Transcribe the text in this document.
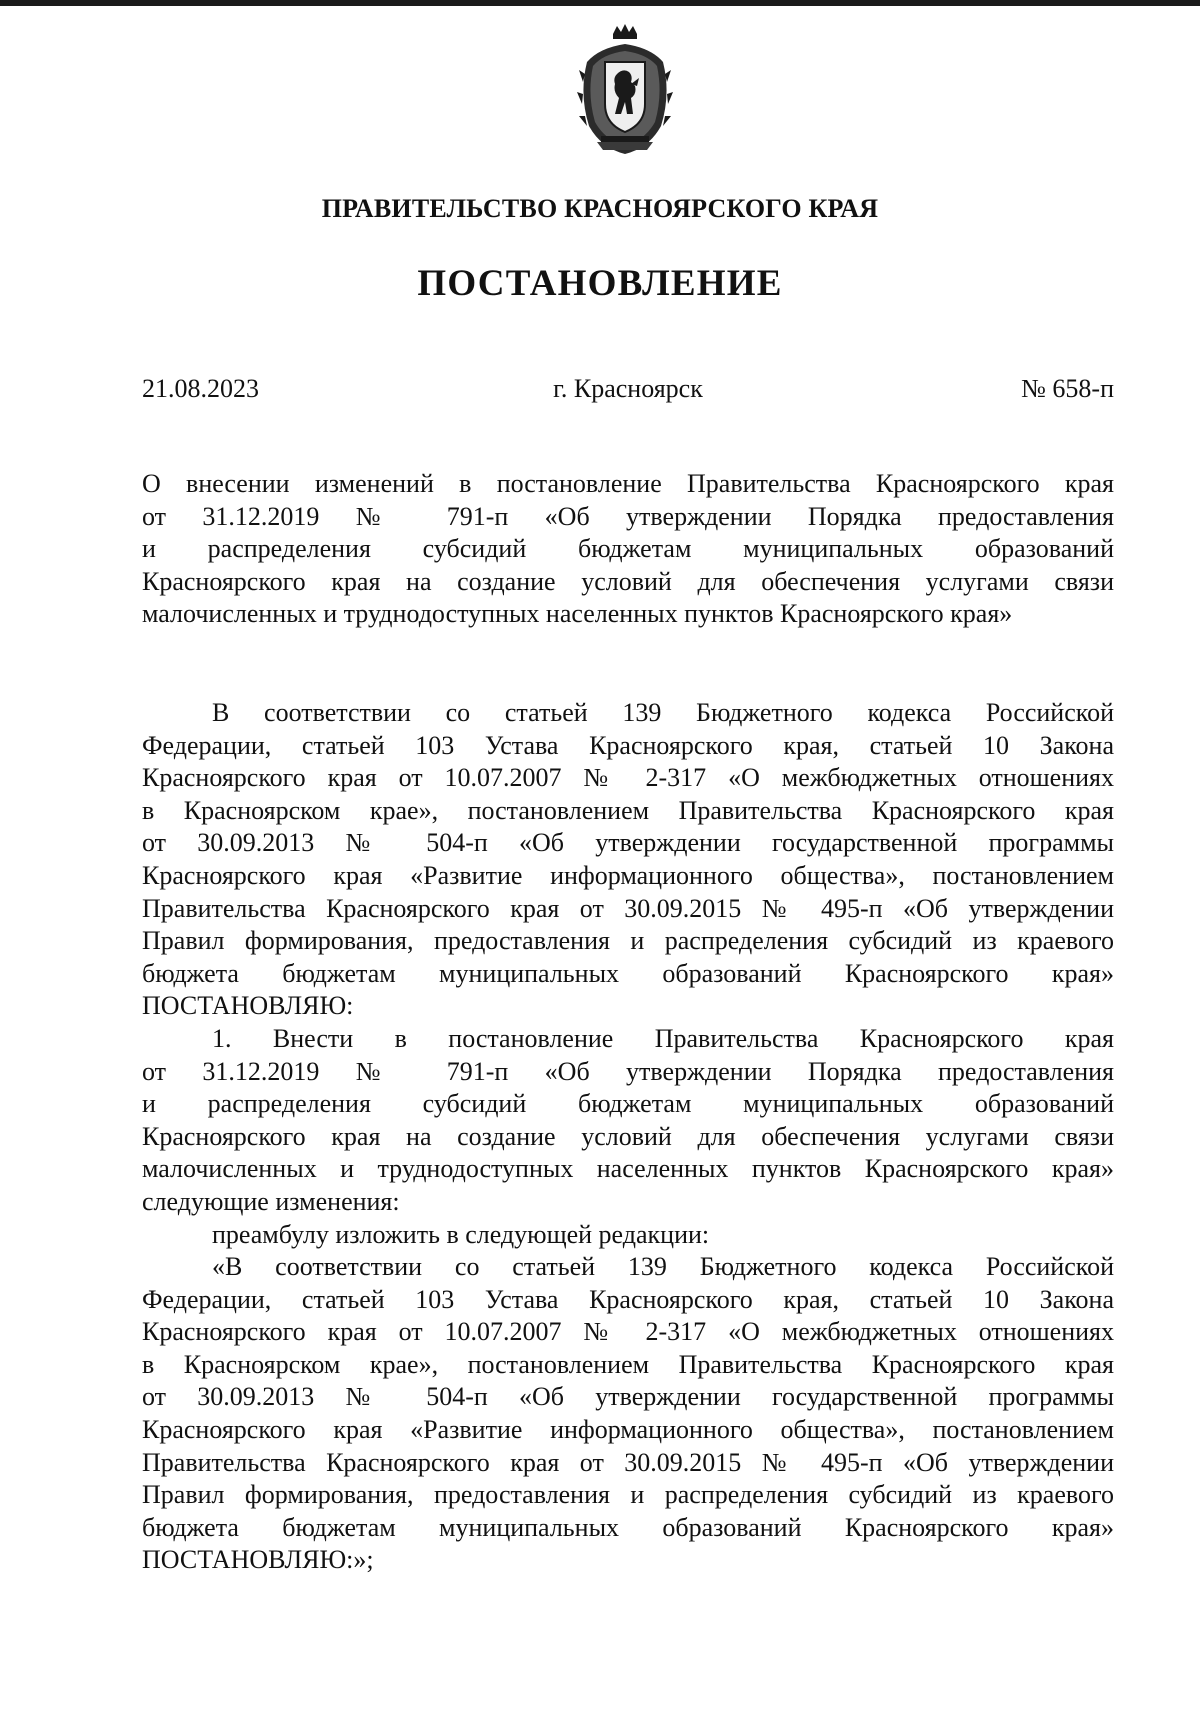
ПРАВИТЕЛЬСТВО КРАСНОЯРСКОГО КРАЯ
ПОСТАНОВЛЕНИЕ
21.08.2023	г. Красноярск	№ 658-п

О внесении изменений в постановление Правительства Красноярского края

от 31.12.2019 № 791-п «Об утверждении Порядка предоставления

и распределения субсидий бюджетам муниципальных образований

Красноярского края на создание условий для обеспечения услугами связи

малочисленных и труднодоступных населенных пунктов Красноярского края»

В соответствии со статьей 139 Бюджетного кодекса Российской

Федерации, статьей 103 Устава Красноярского края, статьей 10 Закона

Красноярского края от 10.07.2007 № 2-317 «О межбюджетных отношениях

в Красноярском крае», постановлением Правительства Красноярского края

от 30.09.2013 № 504-п «Об утверждении государственной программы

Красноярского края «Развитие информационного общества», постановлением

Правительства Красноярского края от 30.09.2015 № 495-п «Об утверждении

Правил формирования, предоставления и распределения субсидий из краевого

бюджета бюджетам муниципальных образований Красноярского края»

ПОСТАНОВЛЯЮ:

1. Внести в постановление Правительства Красноярского края

от 31.12.2019 № 791-п «Об утверждении Порядка предоставления

и распределения субсидий бюджетам муниципальных образований

Красноярского края на создание условий для обеспечения услугами связи

малочисленных и труднодоступных населенных пунктов Красноярского края»

следующие изменения:

преамбулу изложить в следующей редакции:

«В соответствии со статьей 139 Бюджетного кодекса Российской

Федерации, статьей 103 Устава Красноярского края, статьей 10 Закона

Красноярского края от 10.07.2007 № 2-317 «О межбюджетных отношениях

в Красноярском крае», постановлением Правительства Красноярского края

от 30.09.2013 № 504-п «Об утверждении государственной программы

Красноярского края «Развитие информационного общества», постановлением

Правительства Красноярского края от 30.09.2015 № 495-п «Об утверждении

Правил формирования, предоставления и распределения субсидий из краевого

бюджета бюджетам муниципальных образований Красноярского края»

ПОСТАНОВЛЯЮ:»;
